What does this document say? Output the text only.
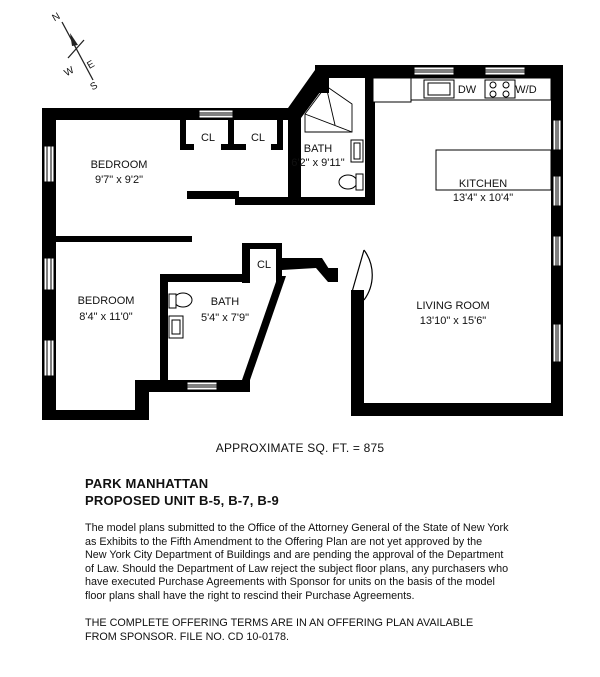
N
E
W
S
BEDROOM
9'7" x 9'2"
BEDROOM
8'4" x 11'0"
BATH
6'2" x 9'11"
BATH
5'4" x 7'9"
KITCHEN
13'4" x 10'4"
LIVING ROOM
13'10" x 15'6"
CL	CL
CL
DW	W/D
APPROXIMATE SQ. FT. = 875
PARK MANHATTAN
PROPOSED UNIT B-5, B-7, B-9
The model plans submitted to the Office of the Attorney General of the State of New York
as Exhibits to the Fifth Amendment to the Offering Plan are not yet approved by the
New York City Department of Buildings and are pending the approval of the Department
of Law. Should the Department of Law reject the subject floor plans, any purchasers who
have executed Purchase Agreements with Sponsor for units on the basis of the model
floor plans shall have the right to rescind their Purchase Agreements.
THE COMPLETE OFFERING TERMS ARE IN AN OFFERING PLAN AVAILABLE
FROM SPONSOR. FILE NO. CD 10-0178.
